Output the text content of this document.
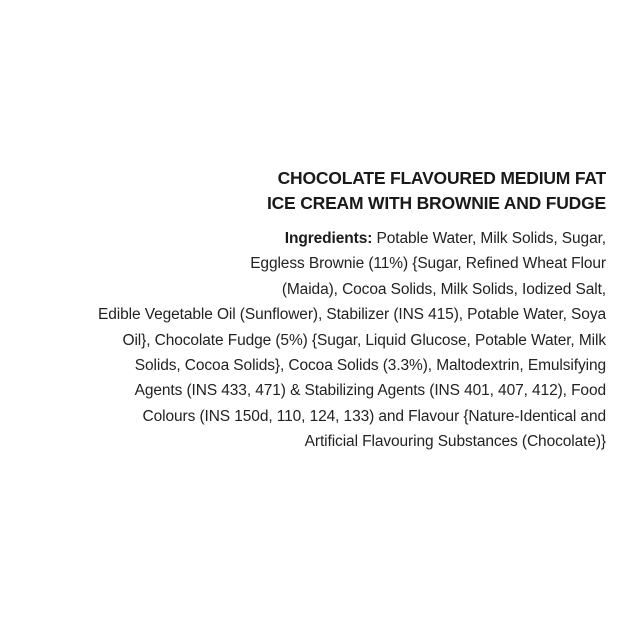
CHOCOLATE FLAVOURED MEDIUM FAT
ICE CREAM WITH BROWNIE AND FUDGE
Ingredients: Potable Water, Milk Solids, Sugar,
Eggless Brownie (11%) {Sugar, Refined Wheat Flour
(Maida), Cocoa Solids, Milk Solids, Iodized Salt,
Edible Vegetable Oil (Sunflower), Stabilizer (INS 415), Potable Water, Soya
Oil}, Chocolate Fudge (5%) {Sugar, Liquid Glucose, Potable Water, Milk
Solids, Cocoa Solids}, Cocoa Solids (3.3%), Maltodextrin, Emulsifying
Agents (INS 433, 471) & Stabilizing Agents (INS 401, 407, 412), Food
Colours (INS 150d, 110, 124, 133) and Flavour {Nature-Identical and
Artificial Flavouring Substances (Chocolate)}
